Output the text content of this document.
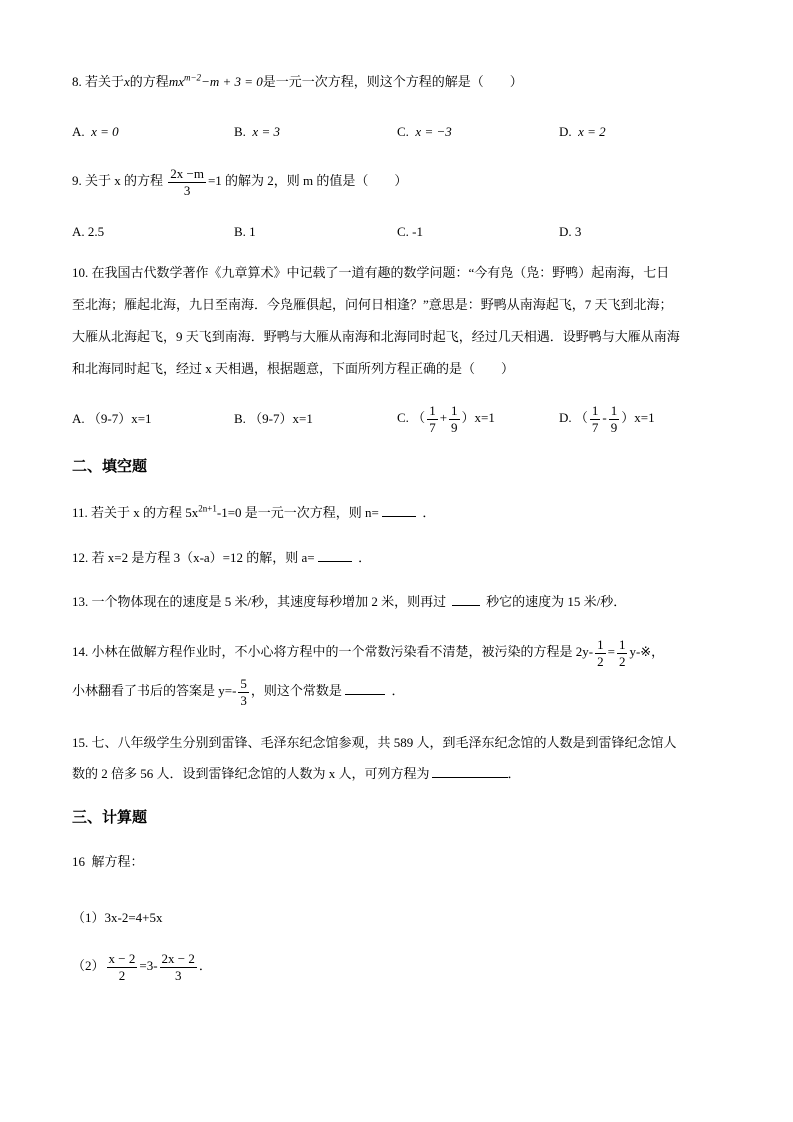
8. 若关于x的方程$mx^{m-2}-m + 3 = 0$是一元一次方程，则这个方程的解是（　　）
A. x = 0	B. x = 3	C. x = −3	D. x = 2
9. 关于 x 的方程 $\frac{2x -m}{3} =1$ 的解为 2，则 m 的值是（　　）
A. 2.5	B. 1	C. -1	D. 3
10. 在我国古代数学著作《九章算术》中记载了一道有趣的数学问题：“今有凫（凫：野鸭）起南海，七日
至北海；雁起北海，九日至南海．今凫雁俱起，问何日相逢？”意思是：野鸭从南海起飞，7 天飞到北海；
大雁从北海起飞，9 天飞到南海．野鸭与大雁从南海和北海同时起飞，经过几天相遇．设野鸭与大雁从南海
和北海同时起飞，经过 x 天相遇，根据题意，下面所列方程正确的是（　　）
A. （9-7）x=1	B. （9-7）x=1	C. （ $\frac{1}{7} + \frac{1}{9} )x=1$	D. （ $\frac{1}{7} - \frac{1}{9} )x=1$
二、填空题
11. 若关于 x 的方程 $5x^{2n+1}-1=0$ 是一元一次方程，则 n=	．
12. 若 x=2 是方程 3（x-a）=12 的解，则 a=	．
13. 一个物体现在的速度是 5 米/秒，其速度每秒增加 2 米，则再过	秒它的速度为 15 米/秒．
14. 小林在做解方程作业时，不小心将方程中的一个常数污染看不清楚，被污染的方程是 $2y- \frac{1}{2} = \frac{1}{2}$ y-※，
小林翻看了书后的答案是 $y=- \frac{5}{3}$ ，则这个常数是	．
15. 七、八年级学生分别到雷锋、毛泽东纪念馆参观，共 589 人，到毛泽东纪念馆的人数是到雷锋纪念馆人
数的 2 倍多 56 人．设到雷锋纪念馆的人数为 x 人，可列方程为	．
三、计算题
16 解方程：
（1）3x-2=4+5x
$(2) \frac{x - 2}{2} =3- \frac{2x - 2}{3}$ ．
